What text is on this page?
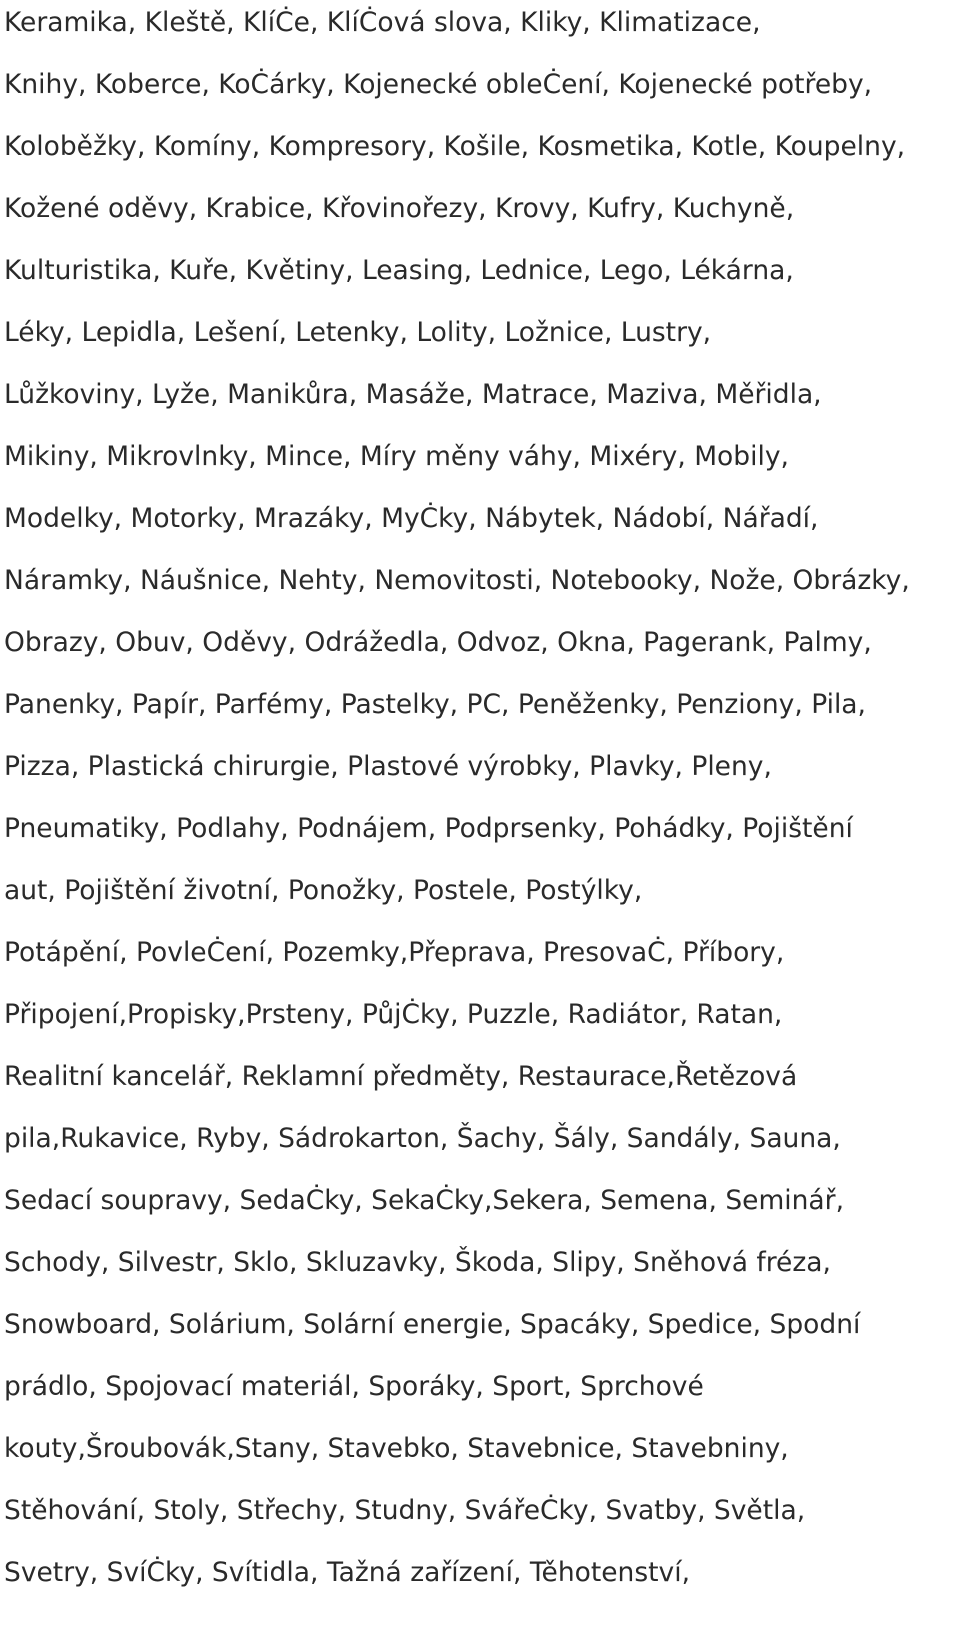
Keramika, Kleště, KlíĊe, KlíĊová slova, Kliky, Klimatizace,
Knihy, Koberce, KoĊárky, Kojenecké obleĊení, Kojenecké potřeby,
Koloběžky, Komíny, Kompresory, Košile, Kosmetika, Kotle, Koupelny,
Kožené oděvy, Krabice, Křovinořezy, Krovy, Kufry, Kuchyně,
Kulturistika, Kuře, Květiny, Leasing, Lednice, Lego, Lékárna,
Léky, Lepidla, Lešení, Letenky, Lolity, Ložnice, Lustry,
Lůžkoviny, Lyže, Manikůra, Masáže, Matrace, Maziva, Měřidla,
Mikiny, Mikrovlnky, Mince, Míry měny váhy, Mixéry, Mobily,
Modelky, Motorky, Mrazáky, MyĊky, Nábytek, Nádobí, Nářadí,
Náramky, Náušnice, Nehty, Nemovitosti, Notebooky, Nože, Obrázky,
Obrazy, Obuv, Oděvy, Odrážedla, Odvoz, Okna, Pagerank, Palmy,
Panenky, Papír, Parfémy, Pastelky, PC, Peněženky, Penziony, Pila,
Pizza, Plastická chirurgie, Plastové výrobky, Plavky, Pleny,
Pneumatiky, Podlahy, Podnájem, Podprsenky, Pohádky, Pojištění
aut, Pojištění životní, Ponožky, Postele, Postýlky,
Potápění, PovleĊení, Pozemky,Přeprava, PresovaĊ, Příbory,
Připojení,Propisky,Prsteny, PůjĊky, Puzzle, Radiátor, Ratan,
Realitní kancelář, Reklamní předměty, Restaurace,Řetězová
pila,Rukavice, Ryby, Sádrokarton, Šachy, Šály, Sandály, Sauna,
Sedací soupravy, SedaĊky, SekaĊky,Sekera, Semena, Seminář,
Schody, Silvestr, Sklo, Skluzavky, Škoda, Slipy, Sněhová fréza,
Snowboard, Solárium, Solární energie, Spacáky, Spedice, Spodní
prádlo, Spojovací materiál, Sporáky, Sport, Sprchové
kouty,Šroubovák,Stany, Stavebko, Stavebnice, Stavebniny,
Stěhování, Stoly, Střechy, Studny, SvářeĊky, Svatby, Světla,
Svetry, SvíĊky, Svítidla, Tažná zařízení, Těhotenství,
